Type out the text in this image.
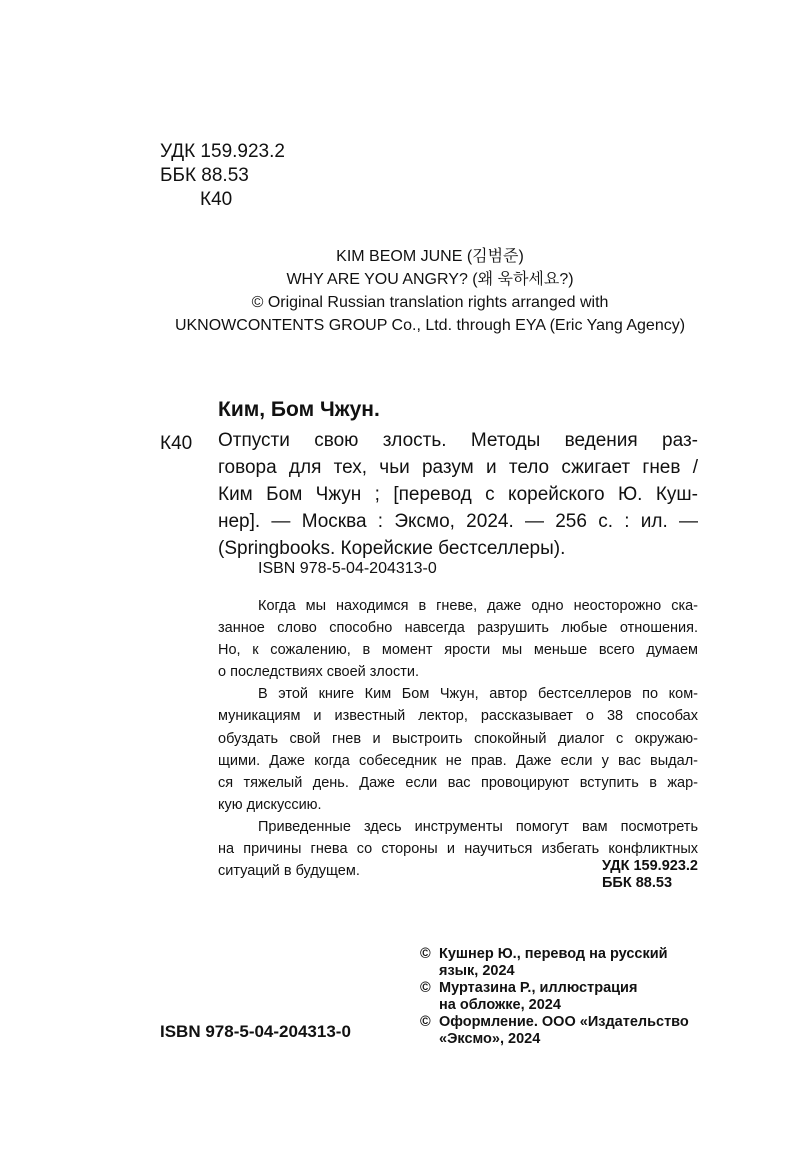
УДК 159.923.2
ББК 88.53
К40
KIM BEOM JUNE (김범준)
WHY ARE YOU ANGRY? (왜 욱하세요?)
© Original Russian translation rights arranged with
UKNOWCONTENTS GROUP Co., Ltd. through EYA (Eric Yang Agency)
Ким, Бом Чжун.
К40 Отпусти свою злость. Методы ведения раз-
говора для тех, чьи разум и тело сжигает гнев /
Ким Бом Чжун ; [перевод с корейского Ю. Куш-
нер]. — Москва : Эксмо, 2024. — 256 с. : ил. —
(Springbooks. Корейские бестселлеры).
ISBN 978-5-04-204313-0
Когда мы находимся в гневе, даже одно неосторожно ска-
занное слово способно навсегда разрушить любые отношения.
Но, к сожалению, в момент ярости мы меньше всего думаем
о последствиях своей злости.
В этой книге Ким Бом Чжун, автор бестселлеров по ком-
муникациям и известный лектор, рассказывает о 38 способах
обуздать свой гнев и выстроить спокойный диалог с окружаю-
щими. Даже когда собеседник не прав. Даже если у вас выдал-
ся тяжелый день. Даже если вас провоцируют вступить в жар-
кую дискуссию.
Приведенные здесь инструменты помогут вам посмотреть
на причины гнева со стороны и научиться избегать конфликтных
ситуаций в будущем.	УДК 159.923.2
ББК 88.53
© Кушнер Ю., перевод на русский
язык, 2024
© Муртазина Р., иллюстрация
на обложке, 2024
© Оформление. ООО «Издательство
«Эксмо», 2024
ISBN 978-5-04-204313-0
